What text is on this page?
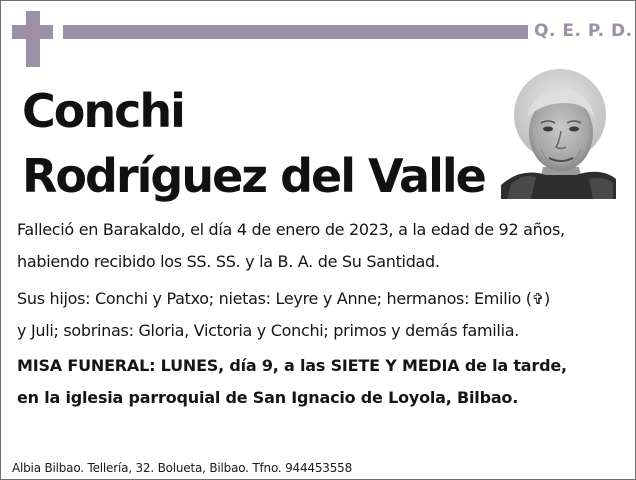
Q. E. P. D.
Conchi
Rodríguez del Valle
Falleció en Barakaldo, el día 4 de enero de 2023, a la edad de 92 años,
habiendo recibido los SS. SS. y la B. A. de Su Santidad.
Sus hijos: Conchi y Patxo; nietas: Leyre y Anne; hermanos: Emilio (✞)
y Juli; sobrinas: Gloria, Victoria y Conchi; primos y demás familia.
MISA FUNERAL: LUNES, día 9, a las SIETE Y MEDIA de la tarde,
en la iglesia parroquial de San Ignacio de Loyola, Bilbao.
Albia Bilbao. Tellería, 32. Bolueta, Bilbao. Tfno. 944453558
